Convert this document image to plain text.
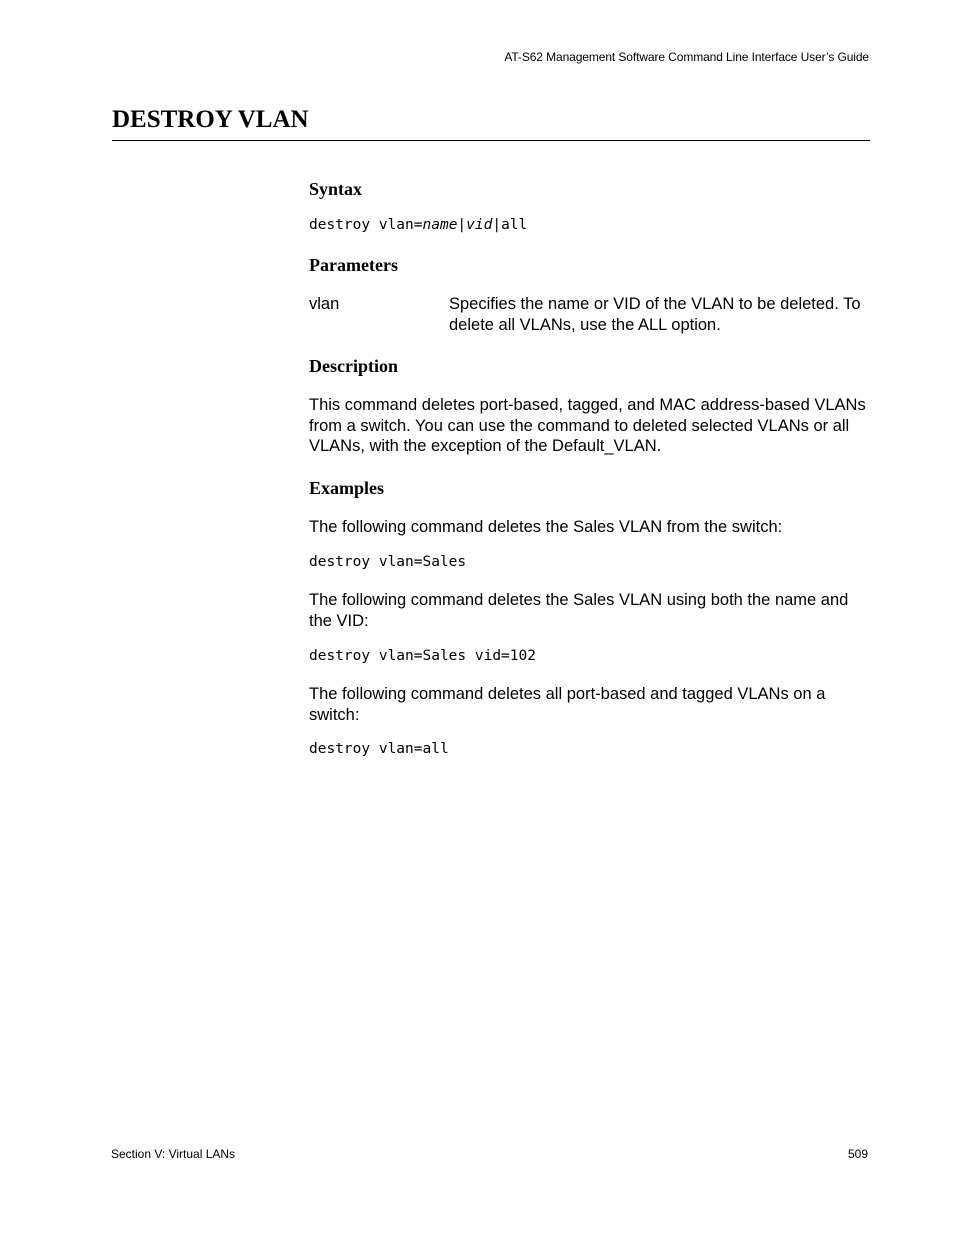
AT-S62 Management Software Command Line Interface User’s Guide
DESTROY VLAN
Syntax
destroy vlan=name|vid|all
Parameters
vlan	Specifies the name or VID of the VLAN to be deleted. To delete all VLANs, use the ALL option.

Description

This command deletes port-based, tagged, and MAC address-based VLANs from a switch. You can use the command to deleted selected VLANs or all VLANs, with the exception of the Default_VLAN.

Examples

The following command deletes the Sales VLAN from the switch:

destroy vlan=Sales

The following command deletes the Sales VLAN using both the name and the VID:

destroy vlan=Sales vid=102

The following command deletes all port-based and tagged VLANs on a switch:

destroy vlan=all
Section V: Virtual LANs	509
